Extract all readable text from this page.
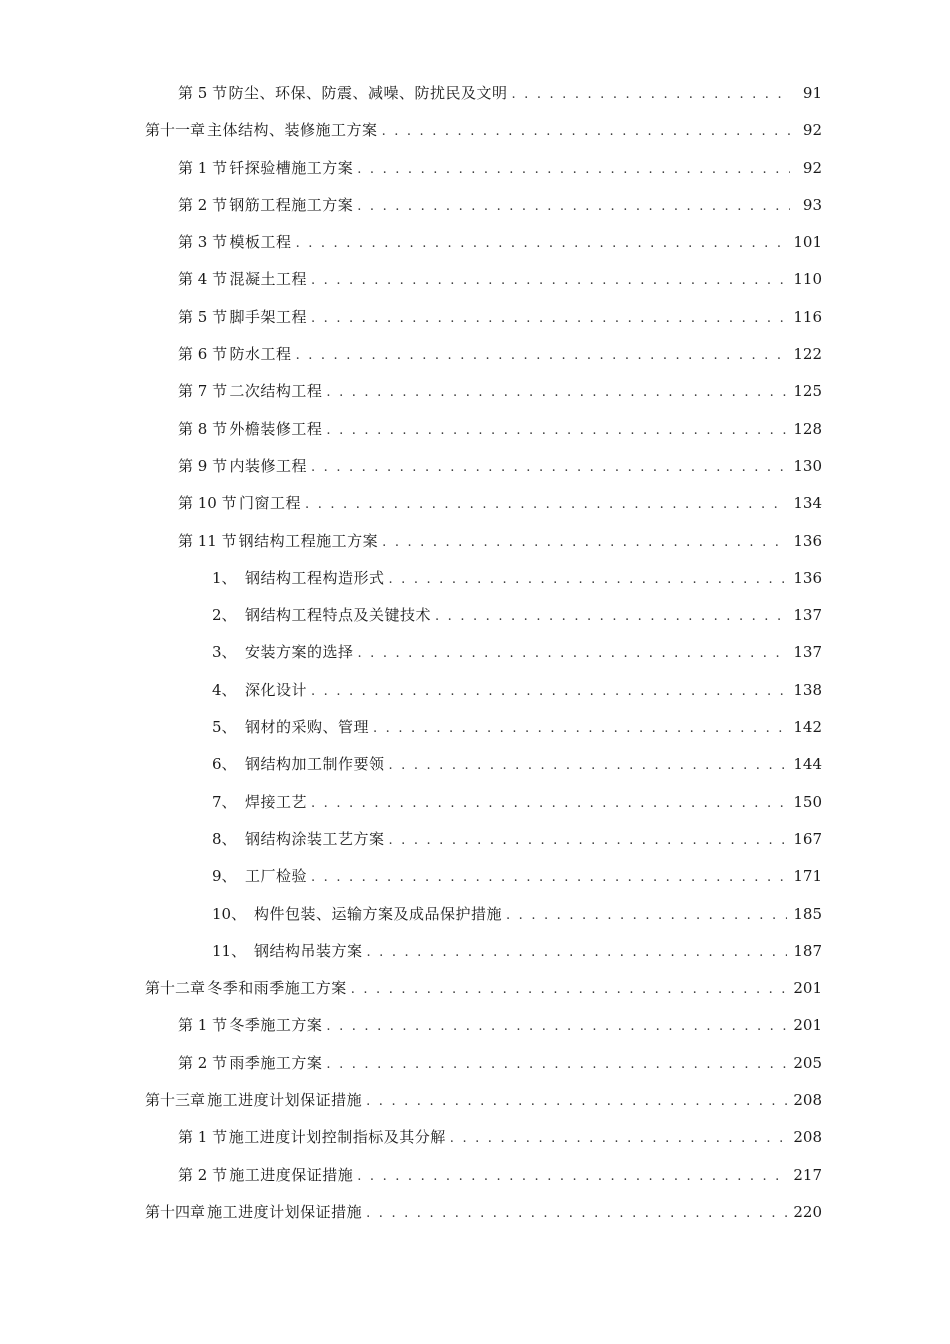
第 5 节 防尘、环保、防震、减噪、防扰民及文明 . . .	91
第十一章 主体结构、装修施工方案 . . .	92
第 1 节 钎探验槽施工方案 . . .	92
第 2 节 钢筋工程施工方案 . . .	93
第 3 节 模板工程 . . .	101
第 4 节 混凝土工程 . . .	110
第 5 节 脚手架工程 . . .	116
第 6 节 防水工程 . . .	122
第 7 节 二次结构工程 . . .	125
第 8 节 外檐装修工程 . . .	128
第 9 节 内装修工程 . . .	130
第 10 节 门窗工程 . . .	134
第 11 节 钢结构工程施工方案 . . .	136
1、 钢结构工程构造形式 . . .	136
2、 钢结构工程特点及关键技术 . . .	137
3、 安装方案的选择 . . .	137
4、 深化设计 . . .	138
5、 钢材的采购、管理 . . .	142
6、 钢结构加工制作要领 . . .	144
7、 焊接工艺 . . .	150
8、 钢结构涂装工艺方案 . . .	167
9、 工厂检验 . . .	171
10、 构件包装、运输方案及成品保护措施 . . .	185
11、 钢结构吊装方案 . . .	187
第十二章 冬季和雨季施工方案 . . .	201
第 1 节 冬季施工方案 . . .	201
第 2 节 雨季施工方案 . . .	205
第十三章 施工进度计划保证措施 . . .	208
第 1 节 施工进度计划控制指标及其分解 . . .	208
第 2 节 施工进度保证措施 . . .	217
第十四章 施工进度计划保证措施 . . .	220
